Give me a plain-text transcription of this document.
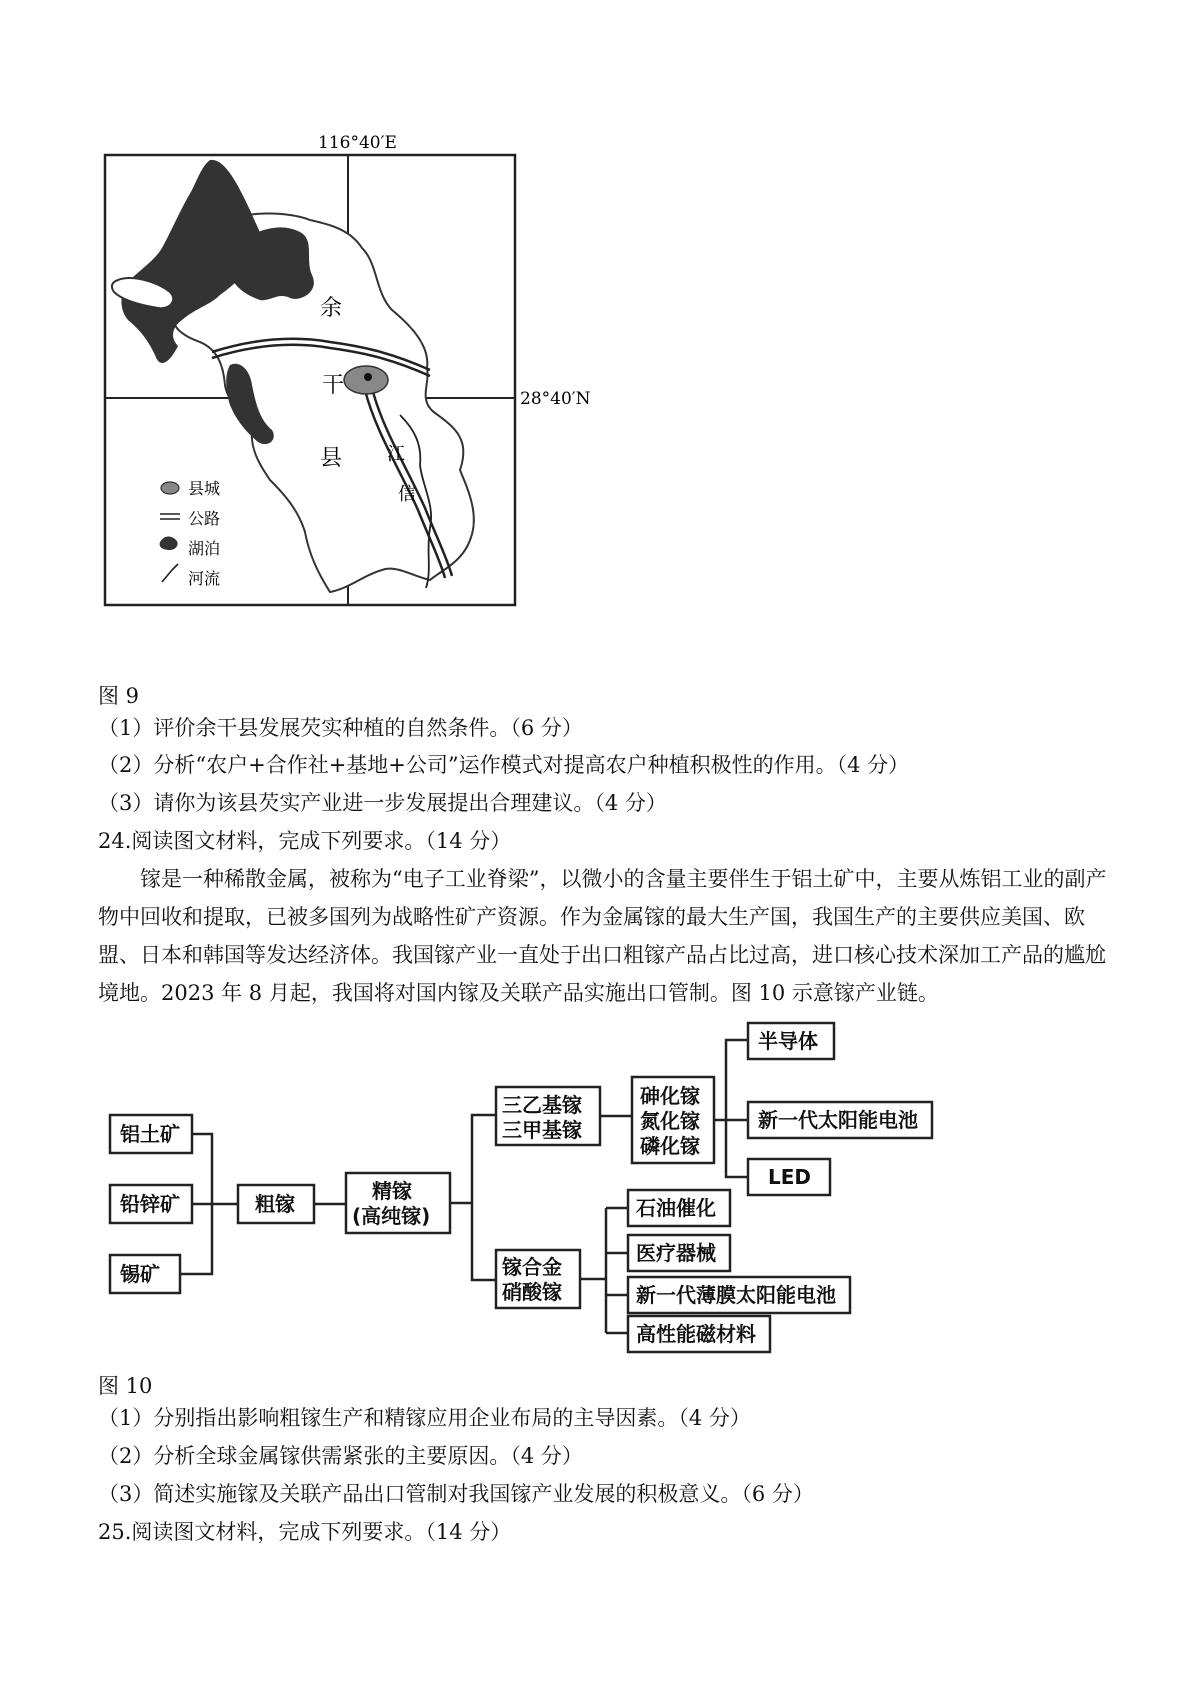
116°40′E
28°40′N
余
干
县 江
信
县城
公路
湖泊
河流
图 9
（1）评价余干县发展芡实种植的自然条件。（6 分）
（2）分析“农户+合作社+基地+公司”运作模式对提高农户种植积极性的作用。（4 分）
（3）请你为该县芡实产业进一步发展提出合理建议。（4 分）
24.阅读图文材料，完成下列要求。（14 分）
镓是一种稀散金属，被称为“电子工业脊梁”，以微小的含量主要伴生于铝土矿中，主要从炼铝工业的副产物中回收和提取，已被多国列为战略性矿产资源。作为金属镓的最大生产国，我国生产的主要供应美国、欧盟、日本和韩国等发达经济体。我国镓产业一直处于出口粗镓产品占比过高，进口核心技术深加工产品的尴尬境地。2023 年 8 月起，我国将对国内镓及关联产品实施出口管制。图 10 示意镓产业链。
铝土矿
铅锌矿
锡矿
粗镓
精镓
(高纯镓)
三乙基镓
三甲基镓
砷化镓
氮化镓
磷化镓
半导体
新一代太阳能电池
LED
镓合金
硝酸镓
石油催化
医疗器械
新一代薄膜太阳能电池
高性能磁材料
图 10
（1）分别指出影响粗镓生产和精镓应用企业布局的主导因素。（4 分）
（2）分析全球金属镓供需紧张的主要原因。（4 分）
（3）简述实施镓及关联产品出口管制对我国镓产业发展的积极意义。（6 分）
25.阅读图文材料，完成下列要求。（14 分）
